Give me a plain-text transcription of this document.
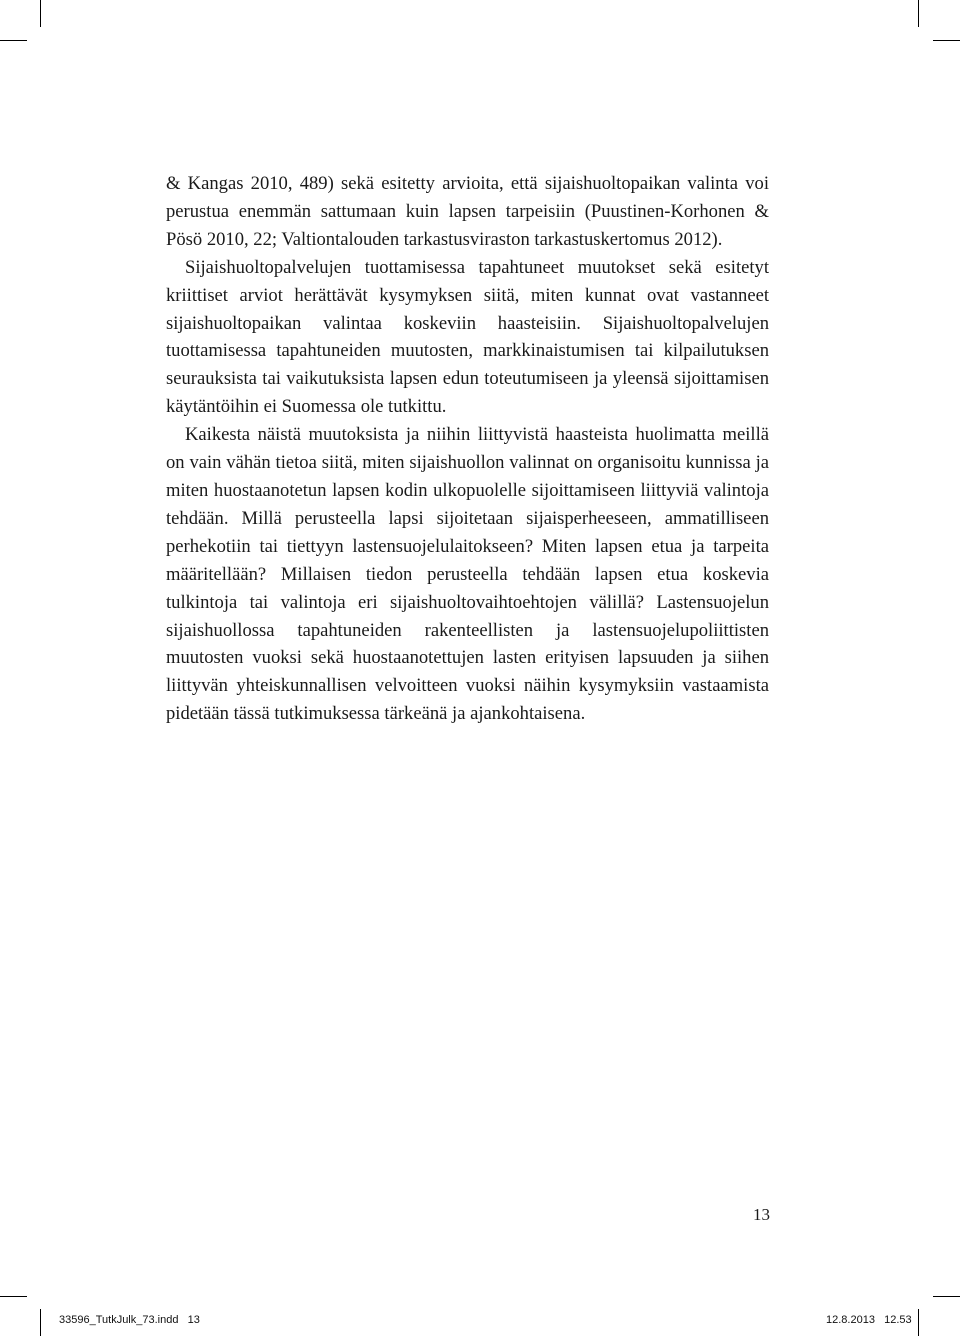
& Kangas 2010, 489) sekä esitetty arvioita, että sijaishuoltopaikan valinta voi perustua enemmän sattumaan kuin lapsen tarpeisiin (Puustinen-Korhonen & Pösö 2010, 22; Valtiontalouden tarkastusviraston tarkastuskertomus 2012).

Sijaishuoltopalvelujen tuottamisessa tapahtuneet muutokset sekä esitetyt kriittiset arviot herättävät kysymyksen siitä, miten kunnat ovat vastanneet sijaishuoltopaikan valintaa koskeviin haasteisiin. Sijaishuoltopalvelujen tuottamisessa tapahtuneiden muutosten, markkinaistumisen tai kilpailutuksen seurauksista tai vaikutuksista lapsen edun toteutumiseen ja yleensä sijoittamisen käytäntöihin ei Suomessa ole tutkittu.

Kaikesta näistä muutoksista ja niihin liittyvistä haasteista huolimatta meillä on vain vähän tietoa siitä, miten sijaishuollon valinnat on organisoitu kunnissa ja miten huostaanotetun lapsen kodin ulkopuolelle sijoittamiseen liittyviä valintoja tehdään. Millä perusteella lapsi sijoitetaan sijaisperheeseen, ammatilliseen perhekotiin tai tiettyyn lastensuojelulaitokseen? Miten lapsen etua ja tarpeita määritellään? Millaisen tiedon perusteella tehdään lapsen etua koskevia tulkintoja tai valintoja eri sijaishuoltovaihtoehtojen välillä? Lastensuojelun sijaishuollossa tapahtuneiden rakenteellisten ja lastensuojelupoliittisten muutosten vuoksi sekä huostaanotettujen lasten erityisen lapsuuden ja siihen liittyvän yhteiskunnallisen velvoitteen vuoksi näihin kysymyksiin vastaamista pidetään tässä tutkimuksessa tärkeänä ja ajankohtaisena.

13
33596_TutkJulk_73.indd   13	12.8.2013   12.53
